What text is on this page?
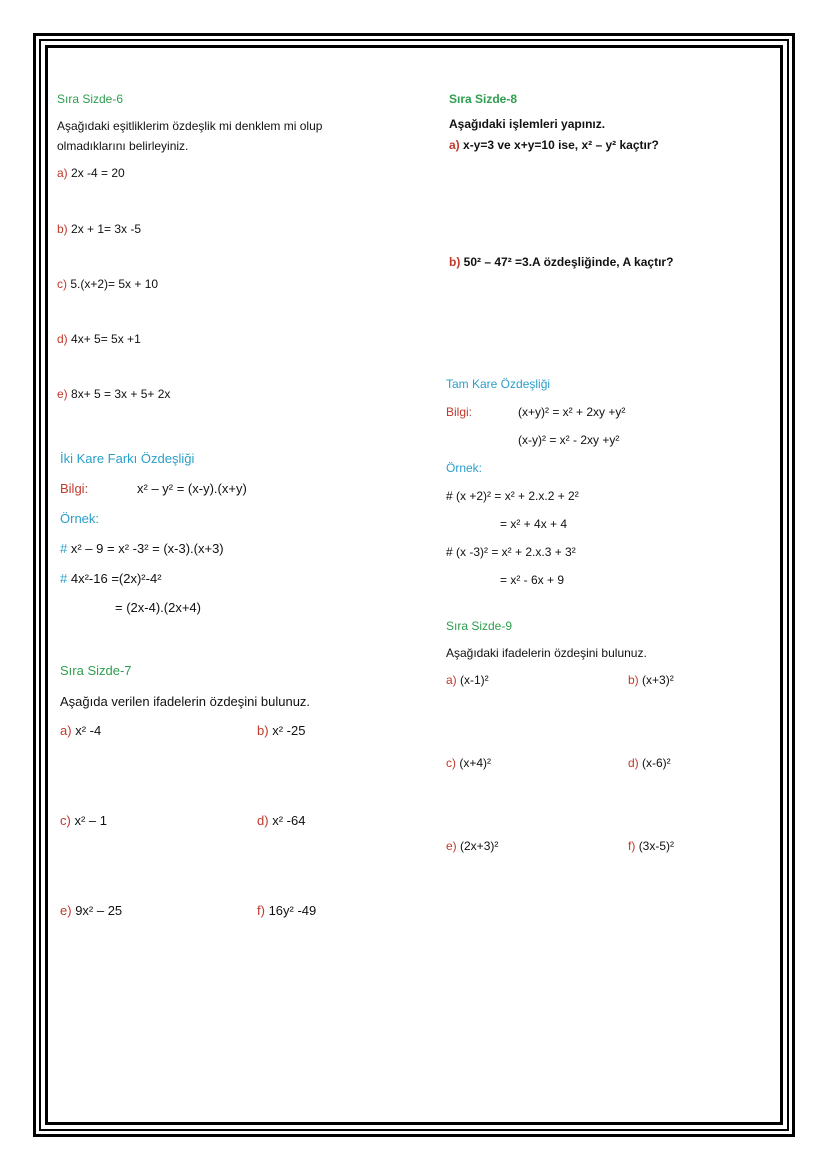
Sıra Sizde-6
Aşağıdaki eşitliklerim özdeşlik mi denklem mi olup
olmadıklarını belirleyiniz.
a) 2x -4 = 20
b) 2x + 1= 3x -5
c) 5.(x+2)= 5x + 10
d) 4x+ 5= 5x +1
e) 8x+ 5 = 3x + 5+ 2x
İki Kare Farkı Özdeşliği
Bilgi:	x² – y² = (x-y).(x+y)
Örnek:
# x² – 9 = x² -3² = (x-3).(x+3)
# 4x²-16 =(2x)²-4²
= (2x-4).(2x+4)
Sıra Sizde-7
Aşağıda verilen ifadelerin özdeşini bulunuz.
a) x² -4	b) x² -25
c) x² – 1	d) x² -64
e) 9x² – 25	f) 16y² -49
Sıra Sizde-8
Aşağıdaki işlemleri yapınız.
a) x-y=3 ve x+y=10 ise, x² – y² kaçtır?
b) 50² – 47² =3.A özdeşliğinde, A kaçtır?
Tam Kare Özdeşliği
Bilgi:	(x+y)² = x² + 2xy +y²
(x-y)² = x² - 2xy +y²
Örnek:
# (x +2)² = x² + 2.x.2 + 2²
= x² + 4x + 4
# (x -3)² = x² + 2.x.3 + 3²
= x² - 6x + 9
Sıra Sizde-9
Aşağıdaki ifadelerin özdeşini bulunuz.
a) (x-1)²	b) (x+3)²
c) (x+4)²	d) (x-6)²
e) (2x+3)²	f) (3x-5)²
